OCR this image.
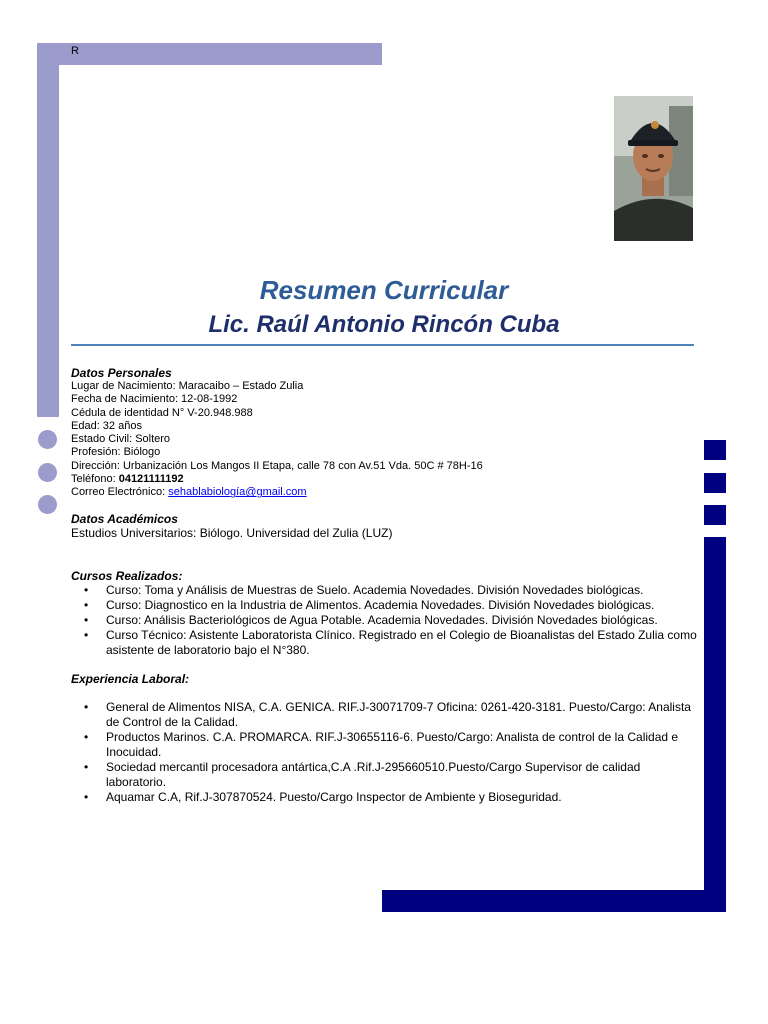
R
Resumen Curricular
Lic. Raúl Antonio Rincón Cuba

Datos Personales

Lugar de Nacimiento: Maracaibo – Estado Zulia

Fecha de Nacimiento: 12-08-1992

Cédula de identidad N° V-20.948.988

Edad: 32 años

Estado Civil: Soltero

Profesión: Biólogo

Dirección: Urbanización Los Mangos II Etapa, calle 78 con Av.51 Vda. 50C # 78H-16

Teléfono: 04121111192

Correo Electrónico: sehablabiología@gmail.com

Datos Académicos

Estudios Universitarios: Biólogo. Universidad del Zulia (LUZ)

Cursos Realizados:

• Curso: Toma y Análisis de Muestras de Suelo. Academia Novedades. División Novedades biológicas.
• Curso: Diagnostico en la Industria de Alimentos. Academia Novedades. División Novedades biológicas.
• Curso: Análisis Bacteriológicos de Agua Potable. Academia Novedades. División Novedades biológicas.
• Curso Técnico: Asistente Laboratorista Clínico. Registrado en el Colegio de Bioanalistas del Estado Zulia como asistente de laboratorio bajo el N°380.

Experiencia Laboral:

• General de Alimentos NISA, C.A. GENICA. RIF.J-30071709-7 Oficina: 0261-420-3181. Puesto/Cargo: Analista de Control de la Calidad.
• Productos Marinos. C.A. PROMARCA. RIF.J-30655116-6. Puesto/Cargo: Analista de control de la Calidad e Inocuidad.
• Sociedad mercantil procesadora antártica,C.A .Rif.J-295660510.Puesto/Cargo Supervisor de calidad laboratorio.
• Aquamar C.A, Rif.J-307870524. Puesto/Cargo Inspector de Ambiente y Bioseguridad.
